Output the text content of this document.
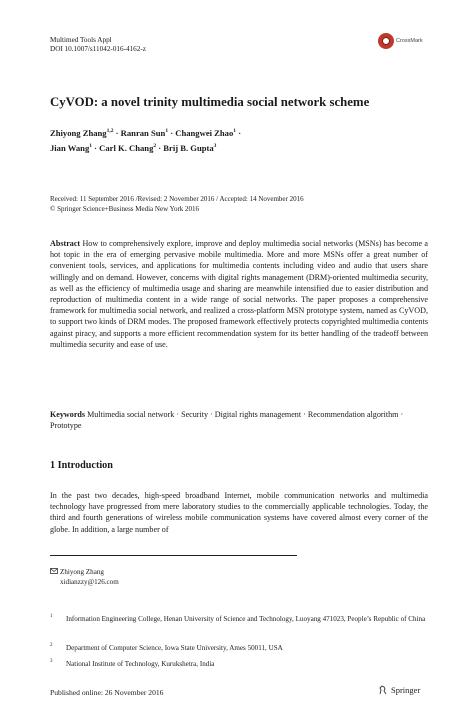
Multimed Tools Appl
DOI 10.1007/s11042-016-4162-z
CrossMark
CyVOD: a novel trinity multimedia social network scheme
Zhiyong Zhang$^{1,2}$ · Ranran Sun$^1$ · Changwei Zhao$^1$ ·
Jian Wang$^1$ · Carl K. Chang$^2$ · Brij B. Gupta$^3$
Received: 11 September 2016 /Revised: 2 November 2016 / Accepted: 14 November 2016
© Springer Science+Business Media New York 2016

Abstract How to comprehensively explore, improve and deploy multimedia social networks (MSNs) has become a hot topic in the era of emerging pervasive mobile multimedia. More and more MSNs offer a great number of convenient tools, services, and applications for multimedia contents including video and audio that users share willingly and on demand. However, concerns with digital rights management (DRM)-oriented multimedia security, as well as the efficiency of multimedia usage and sharing are meanwhile intensified due to easier distribution and reproduction of multimedia content in a wide range of social networks. The paper proposes a comprehensive framework for multimedia social network, and realized a cross-platform MSN prototype system, named as CyVOD, to support two kinds of DRM modes. The proposed framework effectively protects copyrighted multimedia contents against piracy, and supports a more efficient recommendation system for its better handling of the tradeoff between multimedia security and ease of use.

Keywords Multimedia social network · Security · Digital rights management · Recommendation algorithm · Prototype

1 Introduction
In the past two decades, high-speed broadband Internet, mobile communication networks and multimedia technology have progressed from mere laboratory studies to the commercially applicable technologies. Today, the third and fourth generations of wireless mobile communication systems have covered almost every corner of the globe. In addition, a large number of
Zhiyong Zhang
xidianzzy@126.com
1 Information Engineering College, Henan University of Science and Technology, Luoyang 471023, People’s Republic of China
2 Department of Computer Science, Iowa State University, Ames 50011, USA
3 National Institute of Technology, Kurukshetra, India
Published online: 26 November 2016	Springer
